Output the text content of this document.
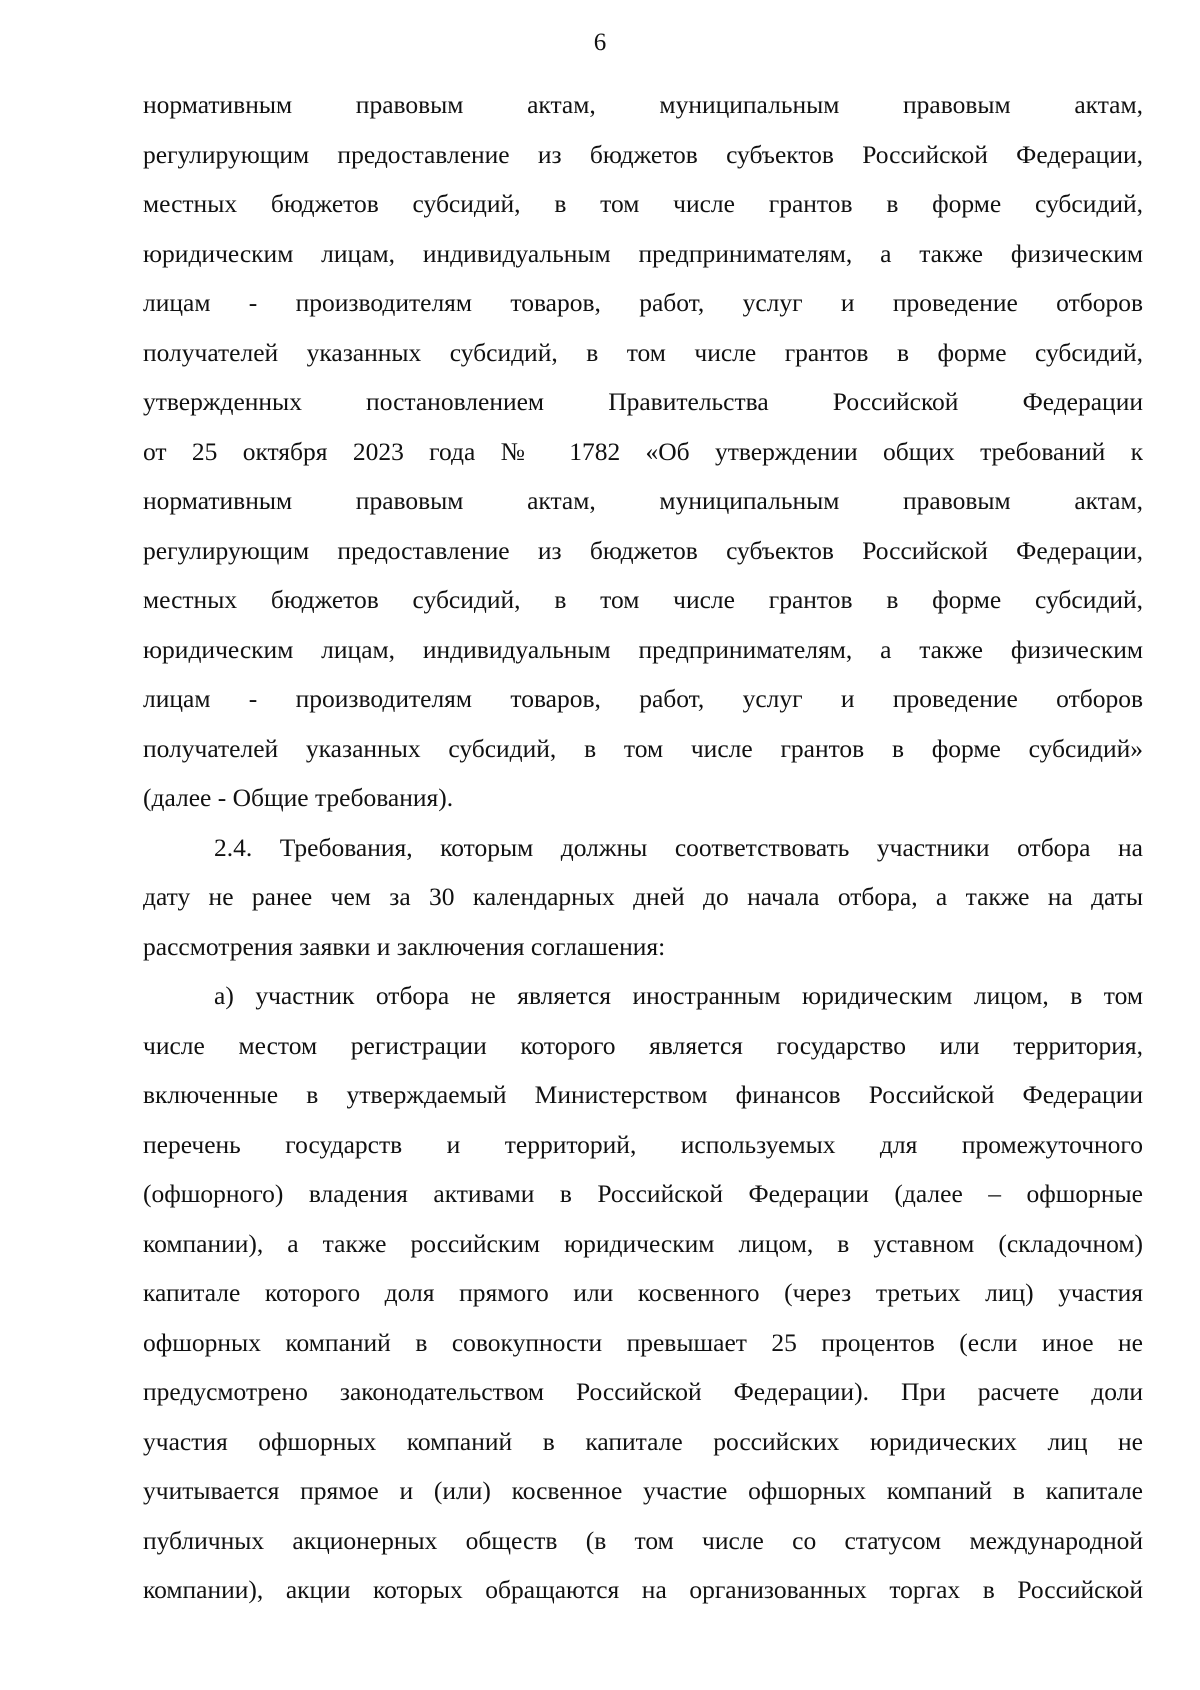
6
нормативным правовым актам, муниципальным правовым актам,
регулирующим предоставление из бюджетов субъектов Российской Федерации,
местных бюджетов субсидий, в том числе грантов в форме субсидий,
юридическим лицам, индивидуальным предпринимателям, а также физическим
лицам - производителям товаров, работ, услуг и проведение отборов
получателей указанных субсидий, в том числе грантов в форме субсидий,
утвержденных постановлением Правительства Российской Федерации
от 25 октября 2023 года № 1782 «Об утверждении общих требований к
нормативным правовым актам, муниципальным правовым актам,
регулирующим предоставление из бюджетов субъектов Российской Федерации,
местных бюджетов субсидий, в том числе грантов в форме субсидий,
юридическим лицам, индивидуальным предпринимателям, а также физическим
лицам - производителям товаров, работ, услуг и проведение отборов
получателей указанных субсидий, в том числе грантов в форме субсидий»
(далее - Общие требования).
2.4. Требования, которым должны соответствовать участники отбора на
дату не ранее чем за 30 календарных дней до начала отбора, а также на даты
рассмотрения заявки и заключения соглашения:
а) участник отбора не является иностранным юридическим лицом, в том
числе местом регистрации которого является государство или территория,
включенные в утверждаемый Министерством финансов Российской Федерации
перечень государств и территорий, используемых для промежуточного
(офшорного) владения активами в Российской Федерации (далее – офшорные
компании), а также российским юридическим лицом, в уставном (складочном)
капитале которого доля прямого или косвенного (через третьих лиц) участия
офшорных компаний в совокупности превышает 25 процентов (если иное не
предусмотрено законодательством Российской Федерации). При расчете доли
участия офшорных компаний в капитале российских юридических лиц не
учитывается прямое и (или) косвенное участие офшорных компаний в капитале
публичных акционерных обществ (в том числе со статусом международной
компании), акции которых обращаются на организованных торгах в Российской
